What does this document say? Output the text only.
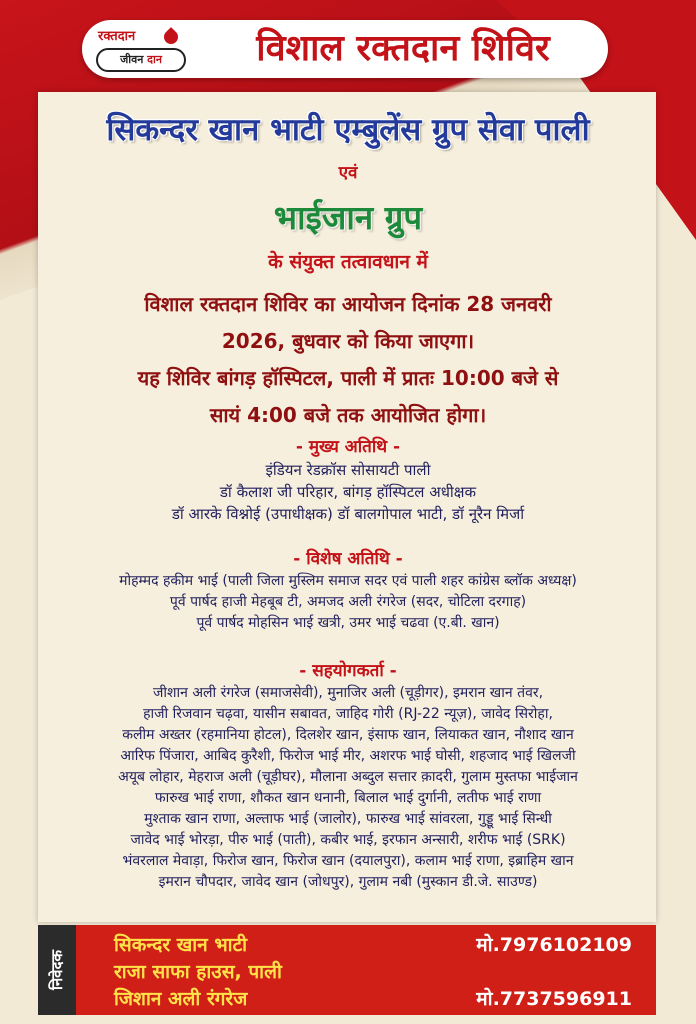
रक्तदान
जीवन दान	विशाल रक्तदान शिविर
सिकन्दर खान भाटी एम्बुलेंस ग्रुप सेवा पाली
एवं
भाईजान ग्रुप
के संयुक्त तत्वावधान में
विशाल रक्तदान शिविर का आयोजन दिनांक 28 जनवरी
2026, बुधवार को किया जाएगा।
यह शिविर बांगड़ हॉस्पिटल, पाली में प्रातः 10:00 बजे से
सायं 4:00 बजे तक आयोजित होगा।
- मुख्य अतिथि -
इंडियन रेडक्रॉस सोसायटी पाली
डॉ कैलाश जी परिहार, बांगड़ हॉस्पिटल अधीक्षक
डॉ आरके विश्नोई (उपाधीक्षक) डॉ बालगोपाल भाटी, डॉ नूरैन मिर्जा
- विशेष अतिथि -
मोहम्मद हकीम भाई (पाली जिला मुस्लिम समाज सदर एवं पाली शहर कांग्रेस ब्लॉक अध्यक्ष)
पूर्व पार्षद हाजी मेहबूब टी, अमजद अली रंगरेज (सदर, चोटिला दरगाह)
पूर्व पार्षद मोहसिन भाई खत्री, उमर भाई चढवा (ए.बी. खान)
- सहयोगकर्ता -
जीशान अली रंगरेज (समाजसेवी), मुनाजिर अली (चूड़ीगर), इमरान खान तंवर,
हाजी रिजवान चढ़वा, यासीन सबावत, जाहिद गोरी (RJ-22 न्यूज़), जावेद सिरोहा,
कलीम अख्तर (रहमानिया होटल), दिलशेर खान, इंसाफ खान, लियाकत खान, नौशाद खान
आरिफ पिंजारा, आबिद कुरैशी, फिरोज भाई मीर, अशरफ भाई घोसी, शहजाद भाई खिलजी
अयूब लोहार, मेहराज अली (चूड़ीघर), मौलाना अब्दुल सत्तार क़ादरी, गुलाम मुस्तफा भाईजान
फारुख भाई राणा, शौकत खान धनानी, बिलाल भाई दुर्गानी, लतीफ भाई राणा
मुश्ताक खान राणा, अल्ताफ भाई (जालोर), फारुख भाई सांवरला, गुड्डू भाई सिन्धी
जावेद भाई भोरड़ा, पीरु भाई (पाती), कबीर भाई, इरफान अन्सारी, शरीफ भाई (SRK)
भंवरलाल मेवाड़ा, फिरोज खान, फिरोज खान (दयालपुरा), कलाम भाई राणा, इब्राहिम खान
इमरान चौपदार, जावेद खान (जोधपुर), गुलाम नबी (मुस्कान डी.जे. साउण्ड)
निवेदक
सिकन्दर खान भाटी	मो.7976102109
राजा साफा हाउस, पाली
जिशान अली रंगरेज	मो.7737596911
